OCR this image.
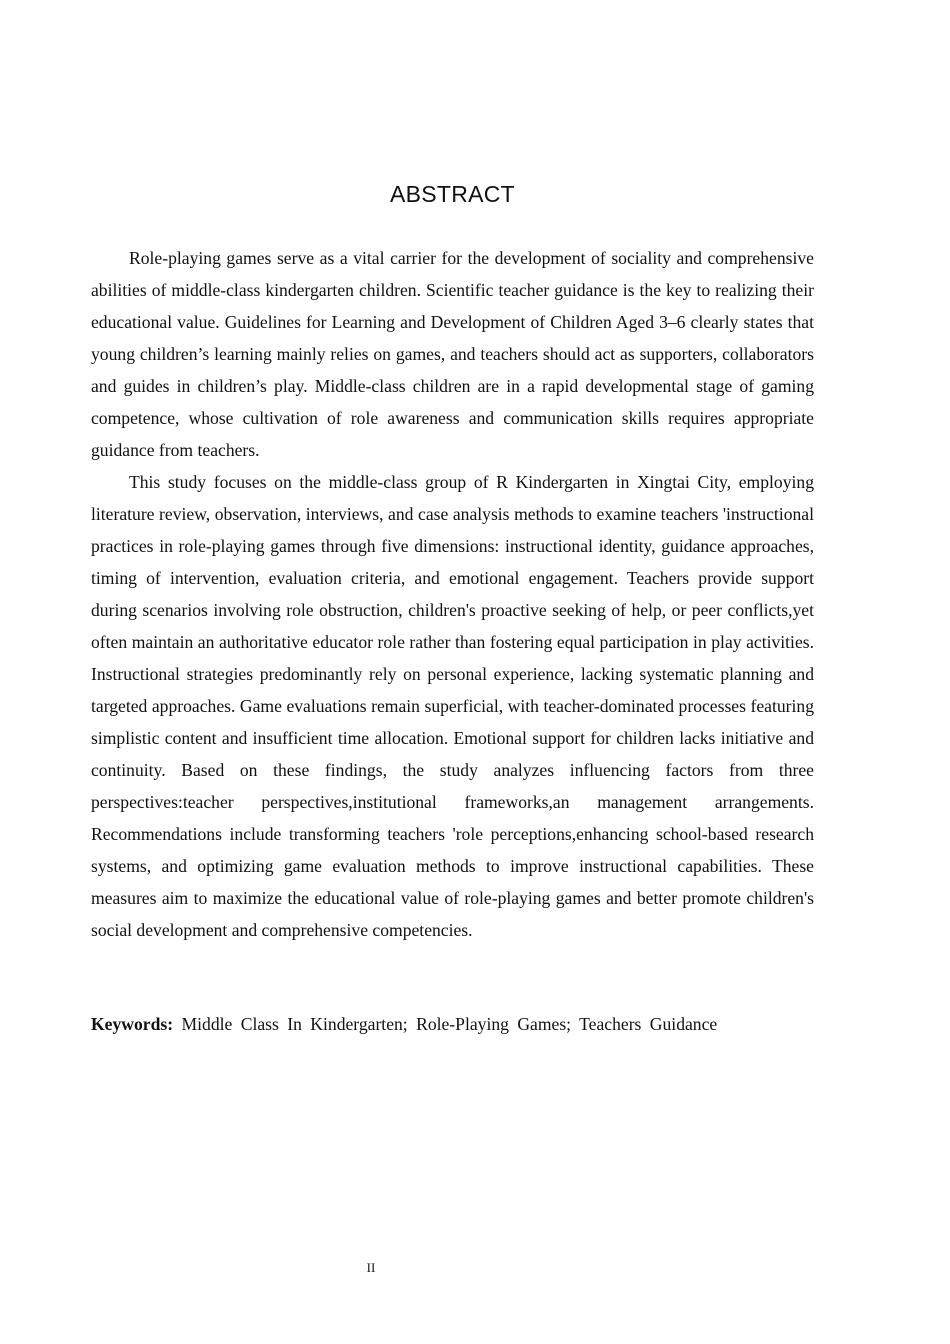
ABSTRACT

Role-playing games serve as a vital carrier for the development of sociality and comprehensive abilities of middle-class kindergarten children. Scientific teacher guidance is the key to realizing their educational value. Guidelines for Learning and Development of Children Aged 3–6 clearly states that young children’s learning mainly relies on games, and teachers should act as supporters, collaborators and guides in children’s play. Middle-class children are in a rapid developmental stage of gaming competence, whose cultivation of role awareness and communication skills requires appropriate guidance from teachers.

This study focuses on the middle-class group of R Kindergarten in Xingtai City, employing literature review, observation, interviews, and case analysis methods to examine teachers 'instructional practices in role-playing games through five dimensions: instructional identity, guidance approaches, timing of intervention, evaluation criteria, and emotional engagement. Teachers provide support during scenarios involving role obstruction, children's proactive seeking of help, or peer conflicts,yet often maintain an authoritative educator role rather than fostering equal participation in play activities. Instructional strategies predominantly rely on personal experience, lacking systematic planning and targeted approaches. Game evaluations remain superficial, with teacher-dominated processes featuring simplistic content and insufficient time allocation. Emotional support for children lacks initiative and continuity. Based on these findings, the study analyzes influencing factors from three perspectives:teacher perspectives,institutional frameworks,an management arrangements. Recommendations include transforming teachers 'role perceptions,enhancing school-based research systems, and optimizing game evaluation methods to improve instructional capabilities. These measures aim to maximize the educational value of role-playing games and better promote children's social development and comprehensive competencies.

Keywords: Middle Class In Kindergarten; Role-Playing Games; Teachers Guidance
II
